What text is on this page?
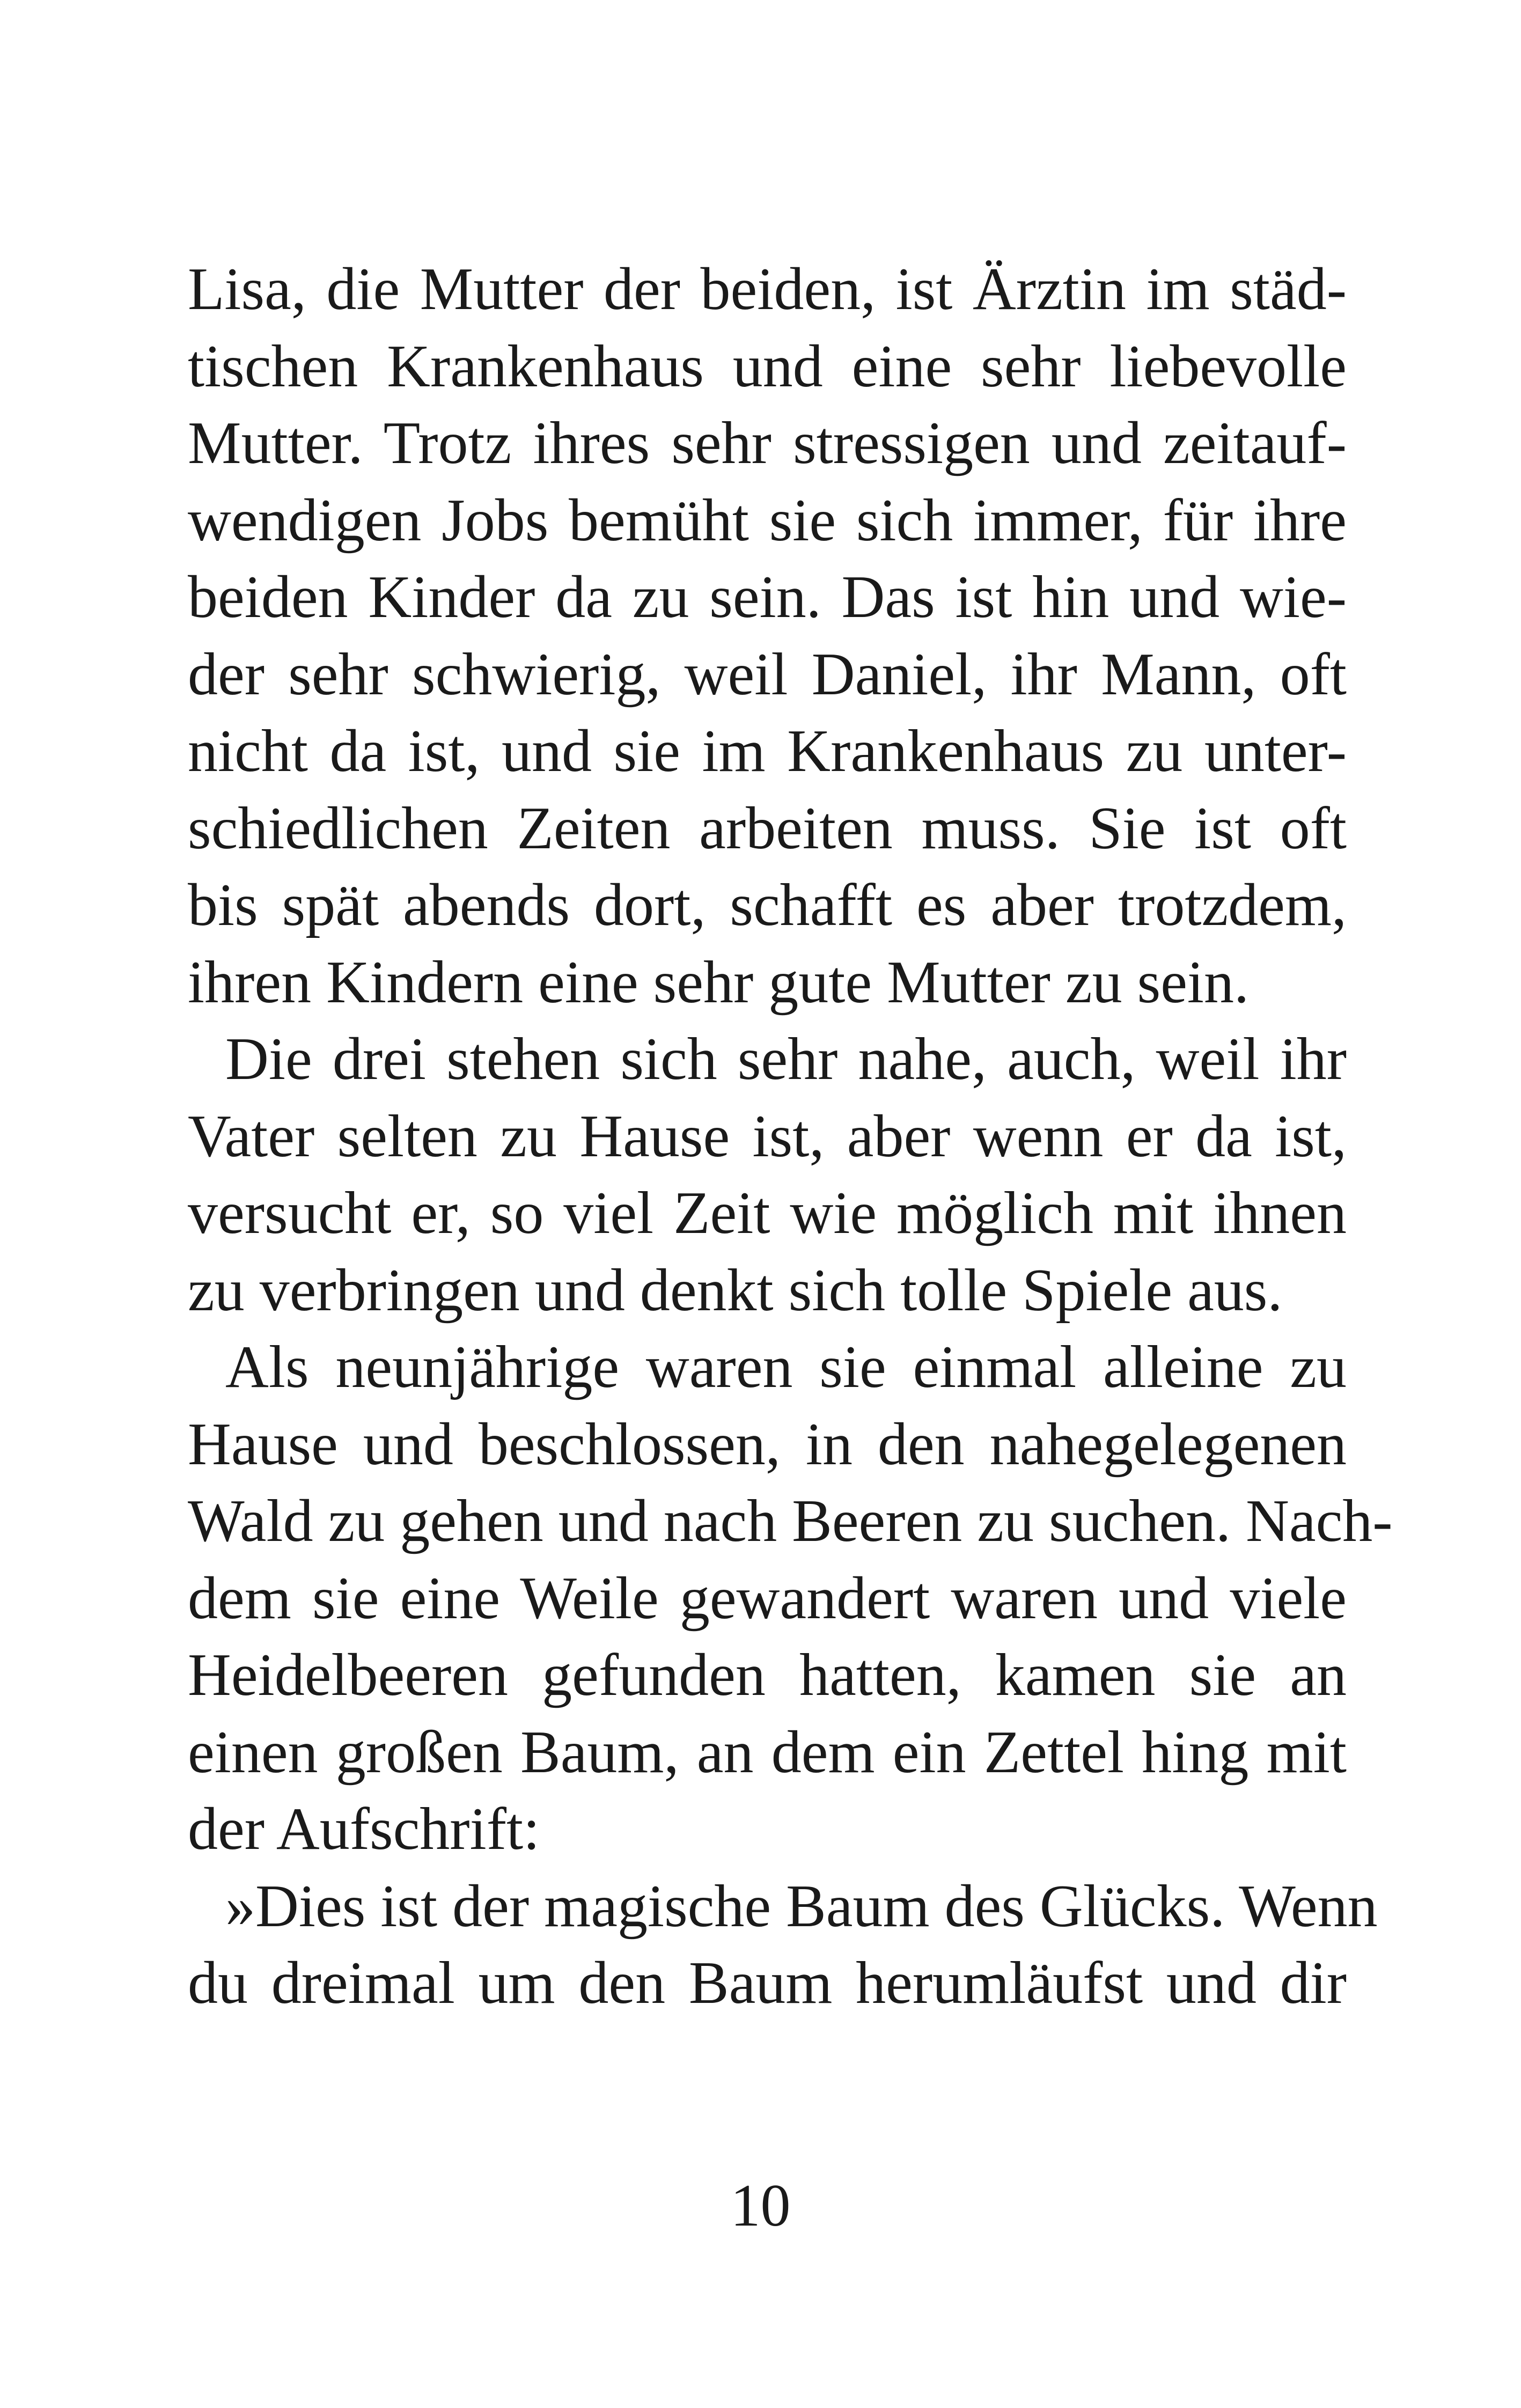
Lisa, die Mutter der beiden, ist Ärztin im städ-
tischen Krankenhaus und eine sehr liebevolle
Mutter. Trotz ihres sehr stressigen und zeitauf-
wendigen Jobs bemüht sie sich immer, für ihre
beiden Kinder da zu sein. Das ist hin und wie-
der sehr schwierig, weil Daniel, ihr Mann, oft
nicht da ist, und sie im Krankenhaus zu unter-
schiedlichen Zeiten arbeiten muss. Sie ist oft
bis spät abends dort, schafft es aber trotzdem,
ihren Kindern eine sehr gute Mutter zu sein.
Die drei stehen sich sehr nahe, auch, weil ihr
Vater selten zu Hause ist, aber wenn er da ist,
versucht er, so viel Zeit wie möglich mit ihnen
zu verbringen und denkt sich tolle Spiele aus.
Als neunjährige waren sie einmal alleine zu
Hause und beschlossen, in den nahegelegenen
Wald zu gehen und nach Beeren zu suchen. Nach-
dem sie eine Weile gewandert waren und viele
Heidelbeeren gefunden hatten, kamen sie an
einen großen Baum, an dem ein Zettel hing mit
der Aufschrift:
»Dies ist der magische Baum des Glücks. Wenn
du dreimal um den Baum herumläufst und dir
10
